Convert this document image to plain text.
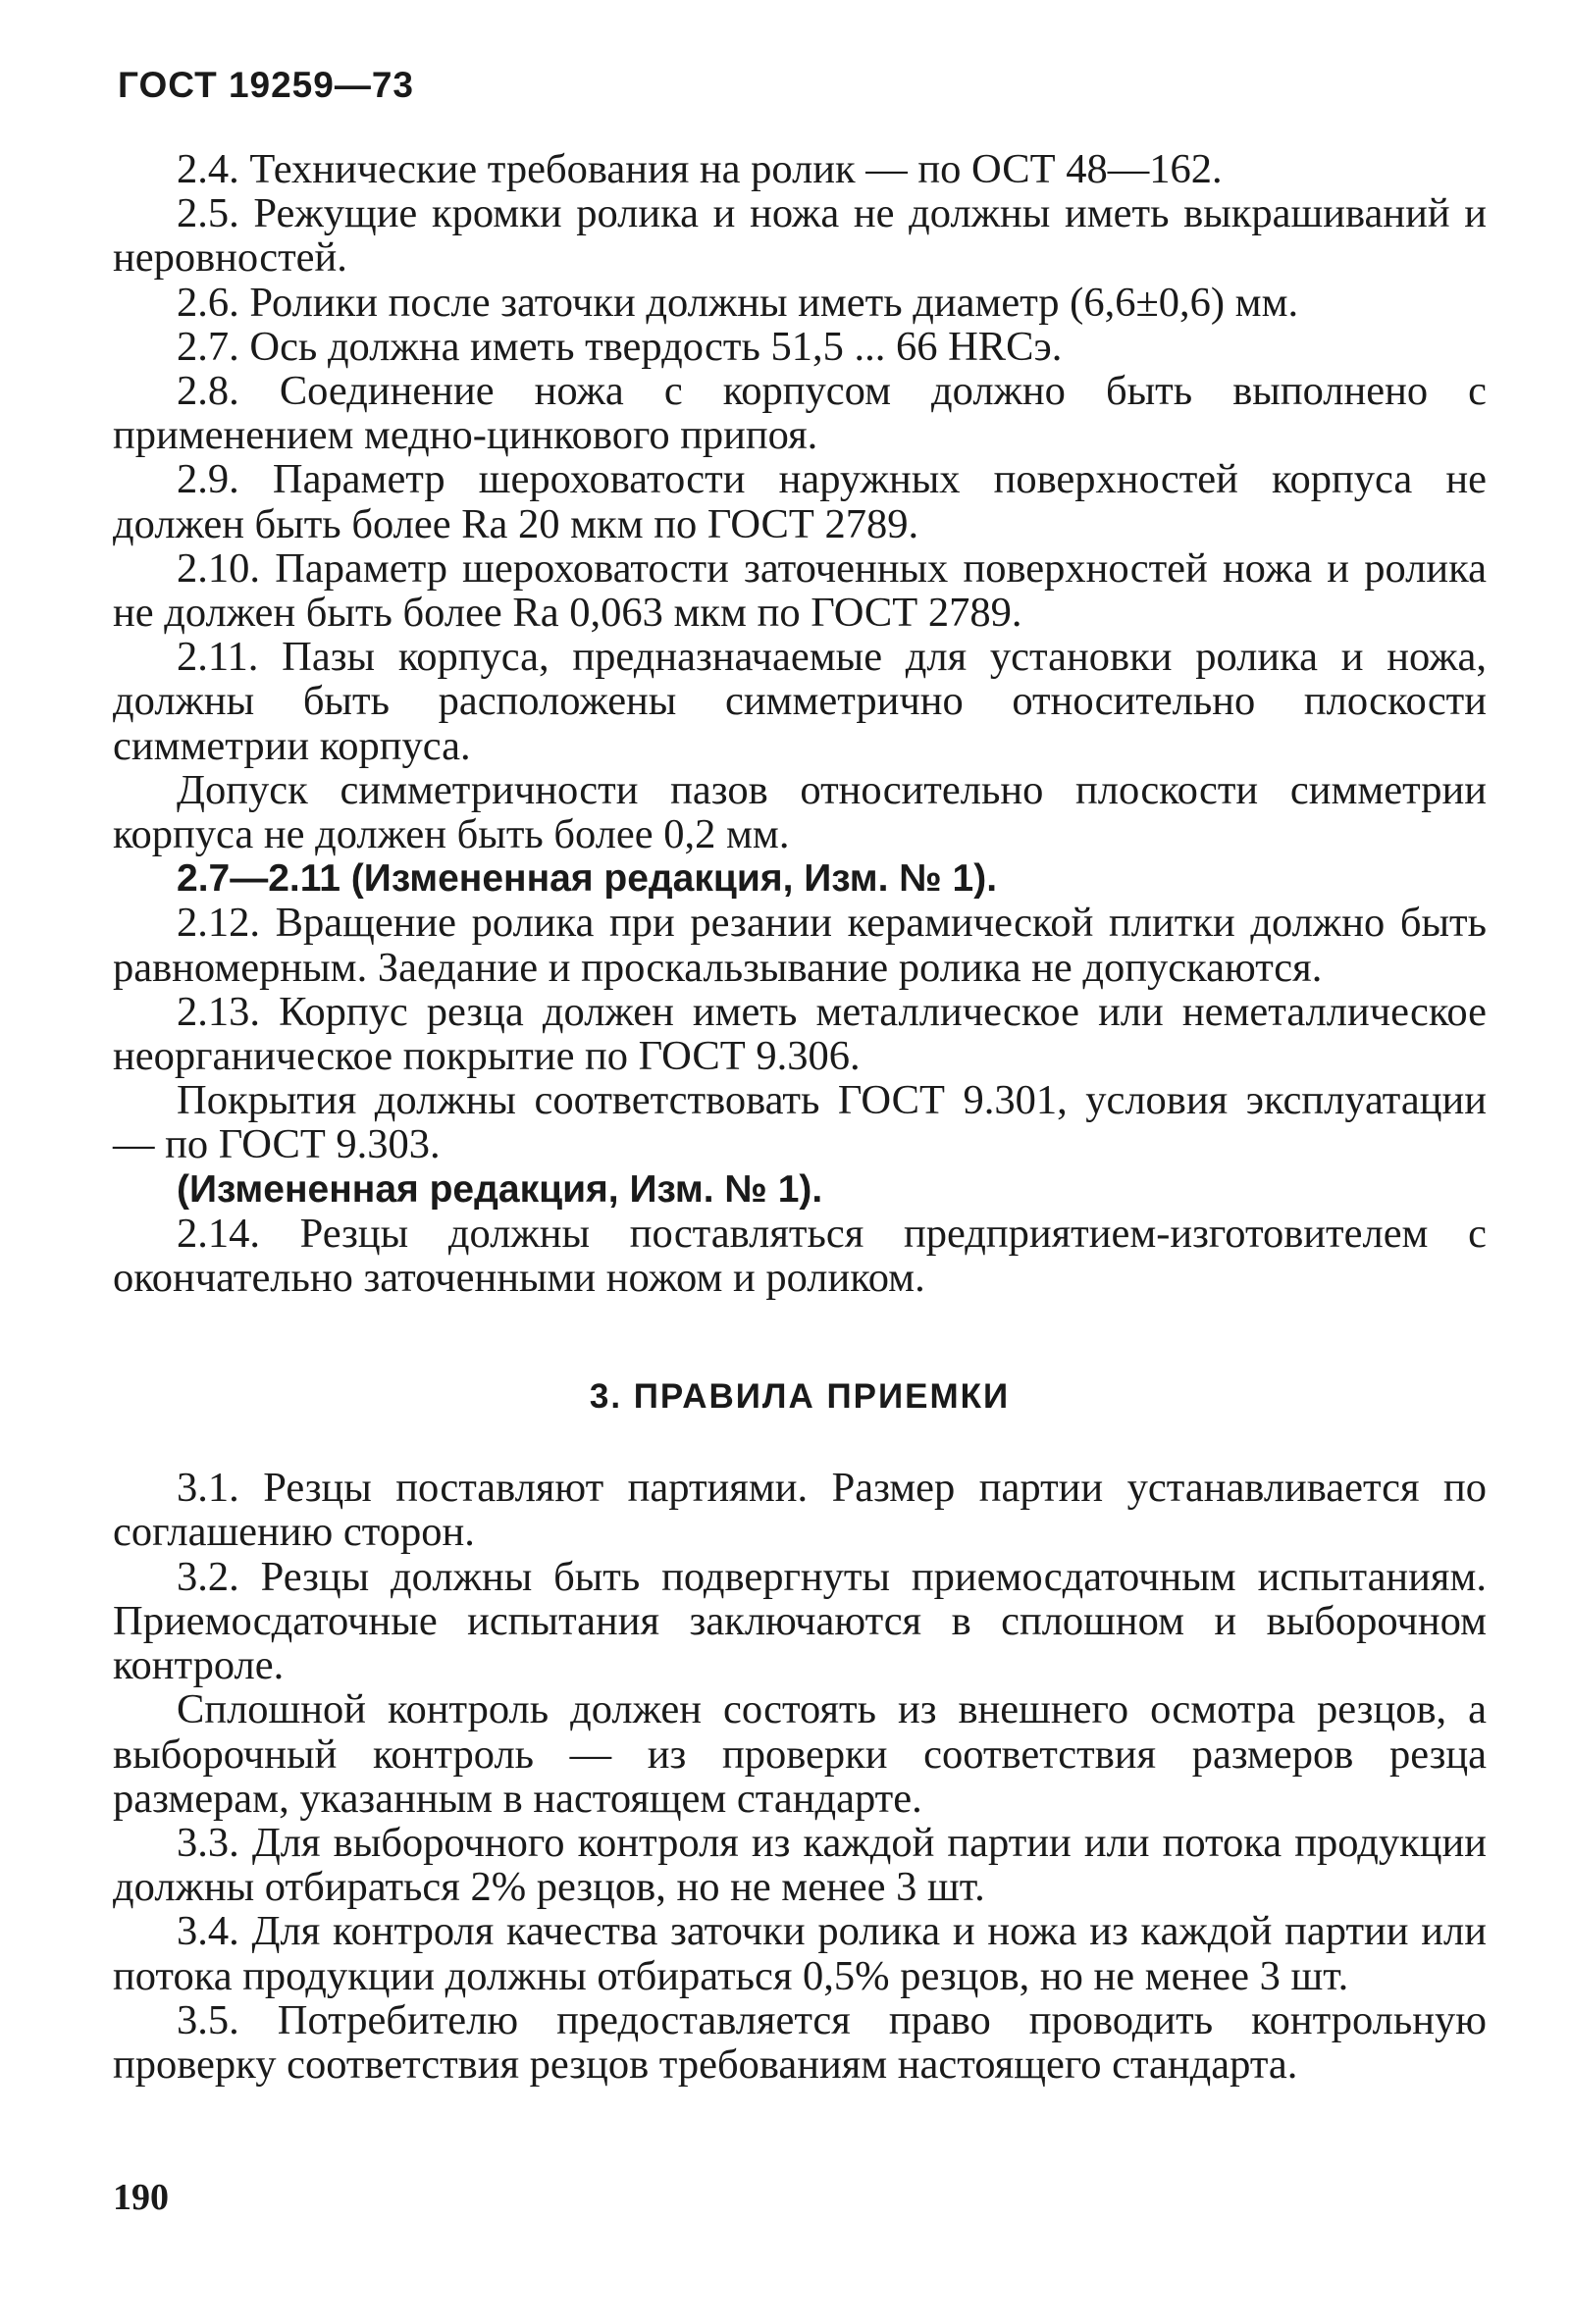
ГОСТ 19259—73

2.4. Технические требования на ролик — по ОСТ 48—162.

2.5. Режущие кромки ролика и ножа не должны иметь выкрашиваний и неровностей.

2.6. Ролики после заточки должны иметь диаметр (6,6±0,6) мм.

2.7. Ось должна иметь твердость 51,5 ... 66 HRCэ.

2.8. Соединение ножа с корпусом должно быть выполнено с применением медно-цинкового припоя.

2.9. Параметр шероховатости наружных поверхностей корпуса не должен быть более Ra 20 мкм по ГОСТ 2789.

2.10. Параметр шероховатости заточенных поверхностей ножа и ролика не должен быть более Ra 0,063 мкм по ГОСТ 2789.

2.11. Пазы корпуса, предназначаемые для установки ролика и ножа, должны быть расположены симметрично относительно плоскости симметрии корпуса.

Допуск симметричности пазов относительно плоскости симметрии корпуса не должен быть более 0,2 мм.

2.7—2.11 (Измененная редакция, Изм. № 1).

2.12. Вращение ролика при резании керамической плитки должно быть равномерным. Заедание и проскальзывание ролика не допускаются.

2.13. Корпус резца должен иметь металлическое или неметаллическое неорганическое покрытие по ГОСТ 9.306.

Покрытия должны соответствовать ГОСТ 9.301, условия эксплуатации — по ГОСТ 9.303.

(Измененная редакция, Изм. № 1).

2.14. Резцы должны поставляться предприятием-изготовителем с окончательно заточенными ножом и роликом.

3. ПРАВИЛА ПРИЕМКИ

3.1. Резцы поставляют партиями. Размер партии устанавливается по соглашению сторон.

3.2. Резцы должны быть подвергнуты приемосдаточным испытаниям. Приемосдаточные испытания заключаются в сплошном и выборочном контроле.

Сплошной контроль должен состоять из внешнего осмотра резцов, а выборочный контроль — из проверки соответствия размеров резца размерам, указанным в настоящем стандарте.

3.3. Для выборочного контроля из каждой партии или потока продукции должны отбираться 2% резцов, но не менее 3 шт.

3.4. Для контроля качества заточки ролика и ножа из каждой партии или потока продукции должны отбираться 0,5% резцов, но не менее 3 шт.

3.5. Потребителю предоставляется право проводить контрольную проверку соответствия резцов требованиям настоящего стандарта.

190
